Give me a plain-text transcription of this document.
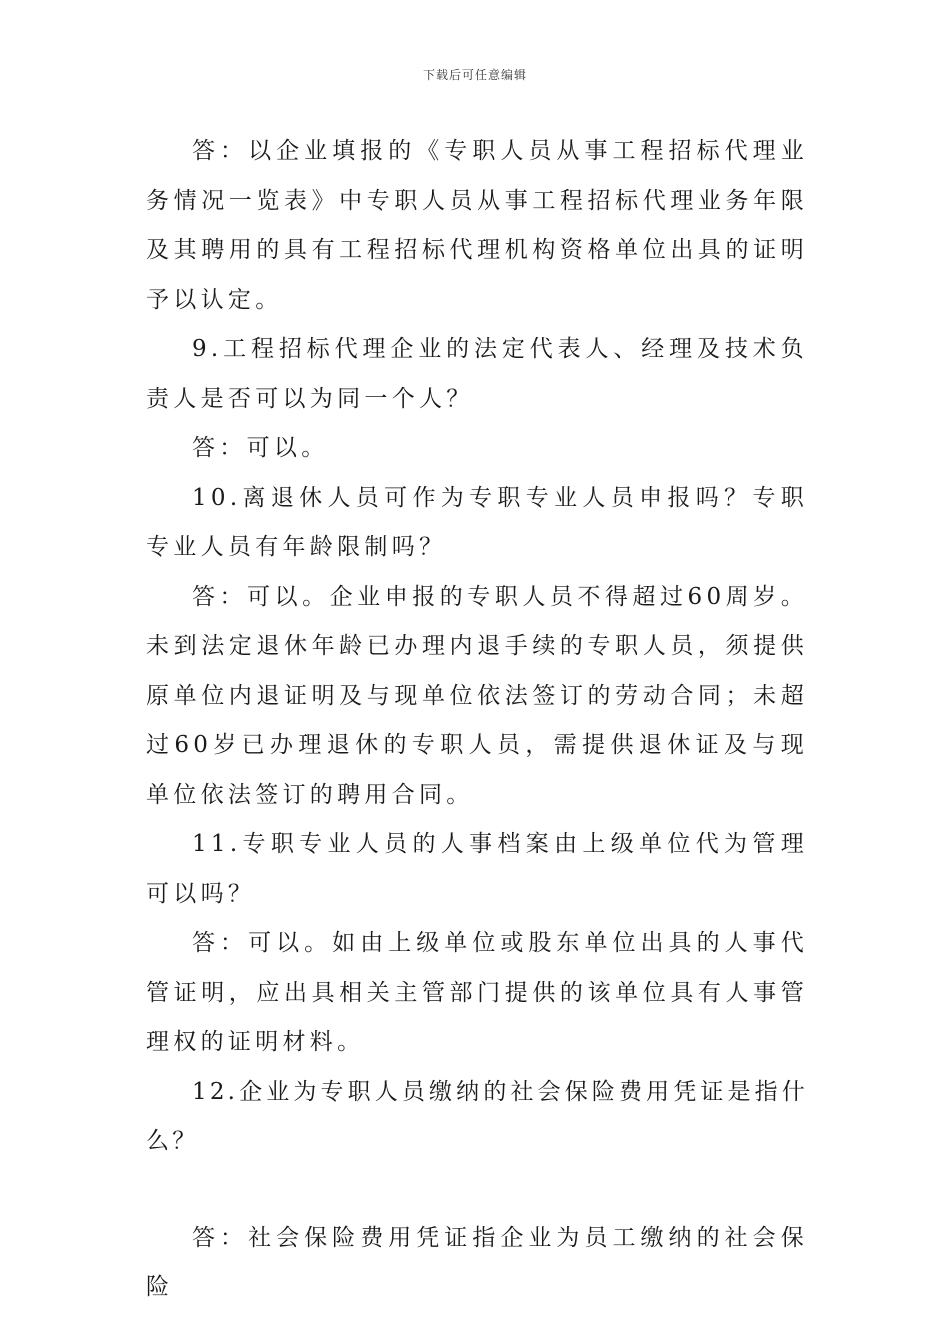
下载后可任意编辑

答：以企业填报的《专职人员从事工程招标代理业务情况一览表》中专职人员从事工程招标代理业务年限及其聘用的具有工程招标代理机构资格单位出具的证明予以认定。

9.工程招标代理企业的法定代表人、经理及技术负责人是否可以为同一个人？

答：可以。

10.离退休人员可作为专职专业人员申报吗？专职专业人员有年龄限制吗？

答：可以。企业申报的专职人员不得超过60周岁。未到法定退休年龄已办理内退手续的专职人员，须提供原单位内退证明及与现单位依法签订的劳动合同；未超过60岁已办理退休的专职人员，需提供退休证及与现单位依法签订的聘用合同。

11.专职专业人员的人事档案由上级单位代为管理可以吗？

答：可以。如由上级单位或股东单位出具的人事代管证明，应出具相关主管部门提供的该单位具有人事管理权的证明材料。

12.企业为专职人员缴纳的社会保险费用凭证是指什么？

答：社会保险费用凭证指企业为员工缴纳的社会保险
